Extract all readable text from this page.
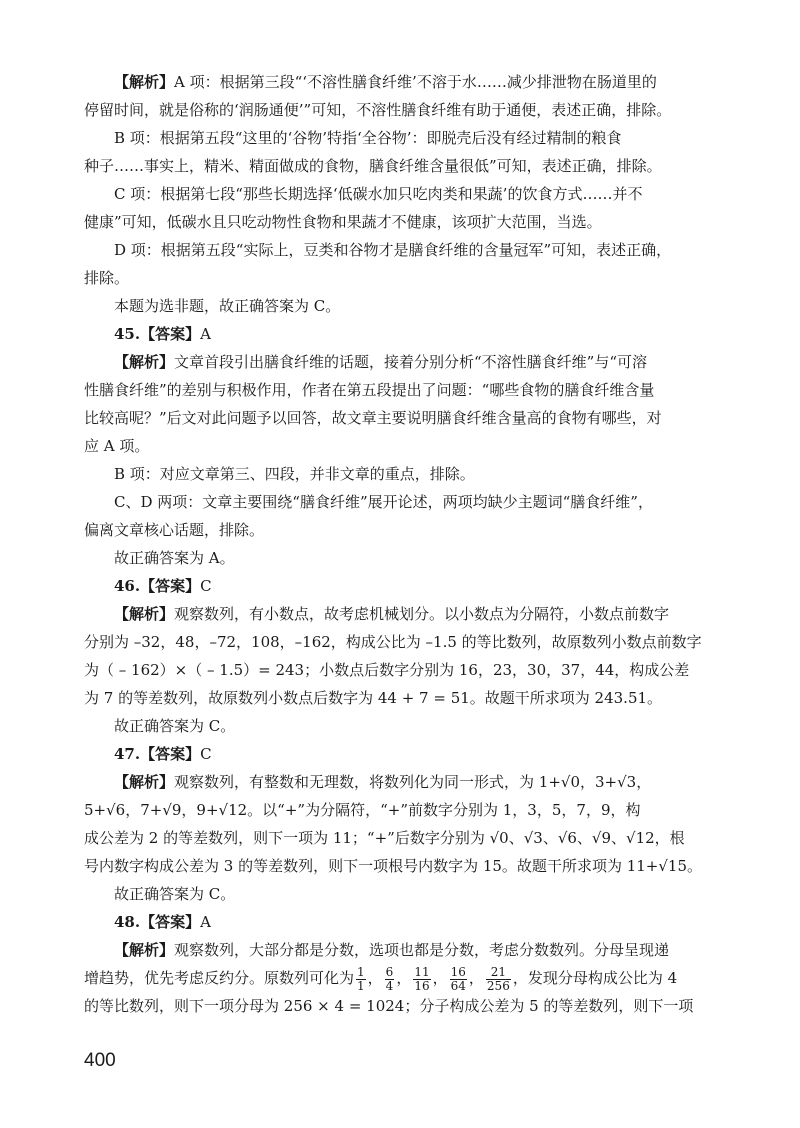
【解析】A 项：根据第三段“‘不溶性膳食纤维’不溶于水……减少排泄物在肠道里的
停留时间，就是俗称的‘润肠通便’”可知，不溶性膳食纤维有助于通便，表述正确，排除。
B 项：根据第五段“这里的‘谷物’特指‘全谷物’：即脱壳后没有经过精制的粮食
种子……事实上，精米、精面做成的食物，膳食纤维含量很低”可知，表述正确，排除。
C 项：根据第七段“那些长期选择‘低碳水加只吃肉类和果蔬’的饮食方式……并不
健康”可知，低碳水且只吃动物性食物和果蔬才不健康，该项扩大范围，当选。
D 项：根据第五段“实际上，豆类和谷物才是膳食纤维的含量冠军”可知，表述正确，
排除。
本题为选非题，故正确答案为 C。
45.【答案】A
【解析】文章首段引出膳食纤维的话题，接着分别分析“不溶性膳食纤维”与“可溶
性膳食纤维”的差别与积极作用，作者在第五段提出了问题：“哪些食物的膳食纤维含量
比较高呢？”后文对此问题予以回答，故文章主要说明膳食纤维含量高的食物有哪些，对
应 A 项。
B 项：对应文章第三、四段，并非文章的重点，排除。
C、D 两项：文章主要围绕“膳食纤维”展开论述，两项均缺少主题词“膳食纤维”，
偏离文章核心话题，排除。
故正确答案为 A。
46.【答案】C
【解析】观察数列，有小数点，故考虑机械划分。以小数点为分隔符，小数点前数字
分别为 –32，48，–72，108，–162，构成公比为 –1.5 的等比数列，故原数列小数点前数字
为（ – 162）×（ – 1.5）= 243；小数点后数字分别为 16，23，30，37，44，构成公差
为 7 的等差数列，故原数列小数点后数字为 44 + 7 = 51。故题干所求项为 243.51。
故正确答案为 C。
47.【答案】C
【解析】观察数列，有整数和无理数，将数列化为同一形式，为 1+√0，3+√3，
5+√6，7+√9，9+√12。以“+”为分隔符，“+”前数字分别为 1，3，5，7，9，构
成公差为 2 的等差数列，则下一项为 11；“+”后数字分别为 √0、√3、√6、√9、√12，根
号内数字构成公差为 3 的等差数列，则下一项根号内数字为 15。故题干所求项为 11+√15。
故正确答案为 C。
48.【答案】A
【解析】观察数列，大部分都是分数，选项也都是分数，考虑分数数列。分母呈现递
增趋势，优先考虑反约分。原数列可化为 $\frac{1}{1}$ ， $\frac{6}{4}$ ， $\frac{11}{16}$ ， $\frac{16}{64}$ ， $\frac{21}{256}$ ，发现分母构成公比为 4
的等比数列，则下一项分母为 256 × 4 = 1024；分子构成公差为 5 的等差数列，则下一项
400
